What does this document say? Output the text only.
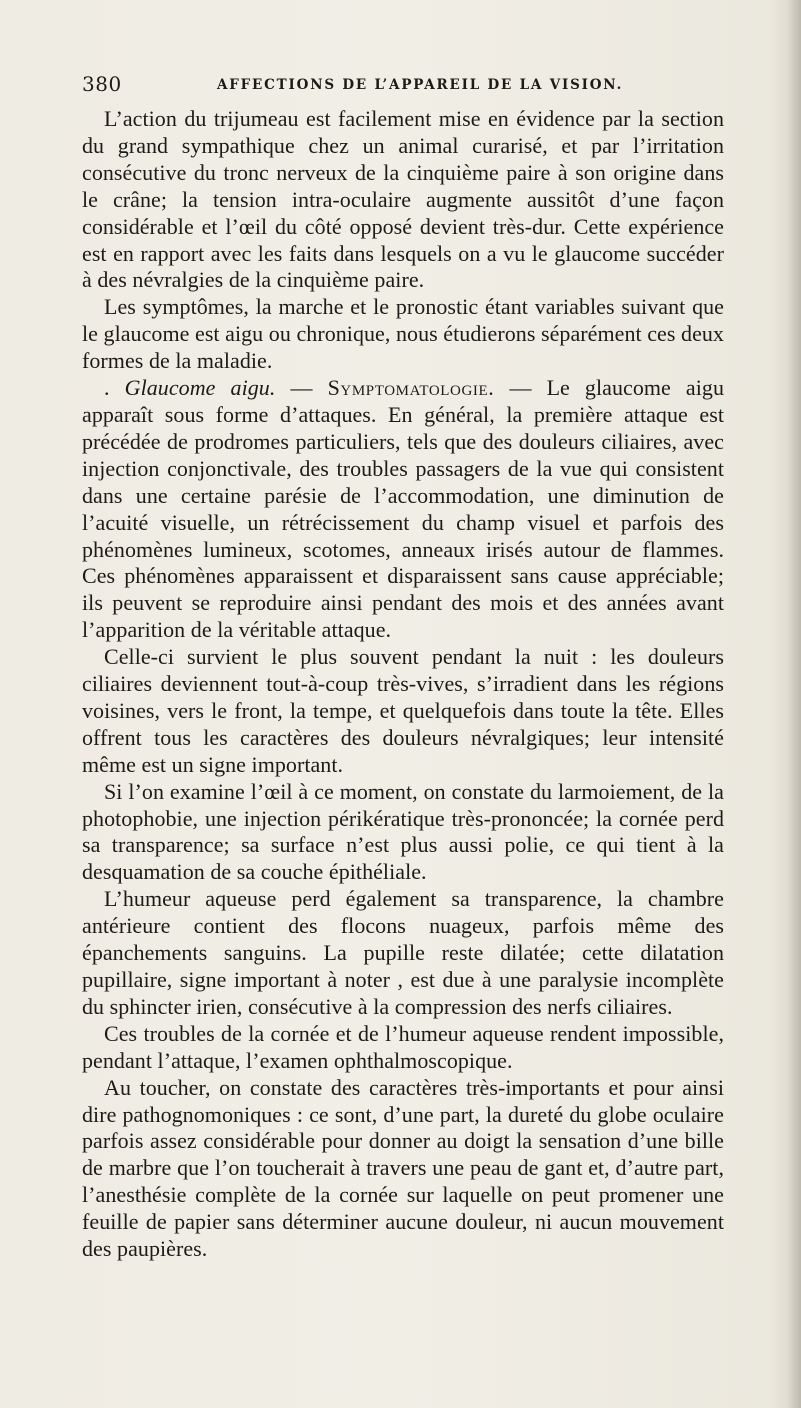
380	AFFECTIONS DE L’APPAREIL DE LA VISION.

L’action du trijumeau est facilement mise en évidence par la section du grand sympathique chez un animal curarisé, et par l’irritation consécutive du tronc nerveux de la cinquième paire à son origine dans le crâne; la tension intra-oculaire augmente aussitôt d’une façon considérable et l’œil du côté opposé devient très-dur. Cette expérience est en rapport avec les faits dans lesquels on a vu le glaucome succéder à des névralgies de la cinquième paire.

Les symptômes, la marche et le pronostic étant variables suivant que le glaucome est aigu ou chronique, nous étudierons séparément ces deux formes de la maladie.

. Glaucome aigu. — Symptomatologie. — Le glaucome aigu apparaît sous forme d’attaques. En général, la première attaque est précédée de prodromes particuliers, tels que des douleurs ciliaires, avec injection conjonctivale, des troubles passagers de la vue qui consistent dans une certaine parésie de l’accommodation, une diminution de l’acuité visuelle, un rétrécissement du champ visuel et parfois des phénomènes lumineux, scotomes, anneaux irisés autour de flammes. Ces phénomènes apparaissent et disparaissent sans cause appréciable; ils peuvent se reproduire ainsi pendant des mois et des années avant l’apparition de la véritable attaque.

Celle-ci survient le plus souvent pendant la nuit : les douleurs ciliaires deviennent tout-à-coup très-vives, s’irradient dans les régions voisines, vers le front, la tempe, et quelquefois dans toute la tête. Elles offrent tous les caractères des douleurs névralgiques; leur intensité même est un signe important.

Si l’on examine l’œil à ce moment, on constate du larmoiement, de la photophobie, une injection périkératique très-prononcée; la cornée perd sa transparence; sa surface n’est plus aussi polie, ce qui tient à la desquamation de sa couche épithéliale.

L’humeur aqueuse perd également sa transparence, la chambre antérieure contient des flocons nuageux, parfois même des épanchements sanguins. La pupille reste dilatée; cette dilatation pupillaire, signe important à noter , est due à une paralysie incomplète du sphincter irien, consécutive à la compression des nerfs ciliaires.

Ces troubles de la cornée et de l’humeur aqueuse rendent impossible, pendant l’attaque, l’examen ophthalmoscopique.

Au toucher, on constate des caractères très-importants et pour ainsi dire pathognomoniques : ce sont, d’une part, la dureté du globe oculaire parfois assez considérable pour donner au doigt la sensation d’une bille de marbre que l’on toucherait à travers une peau de gant et, d’autre part, l’anesthésie complète de la cornée sur laquelle on peut promener une feuille de papier sans déterminer aucune douleur, ni aucun mouvement des paupières.
